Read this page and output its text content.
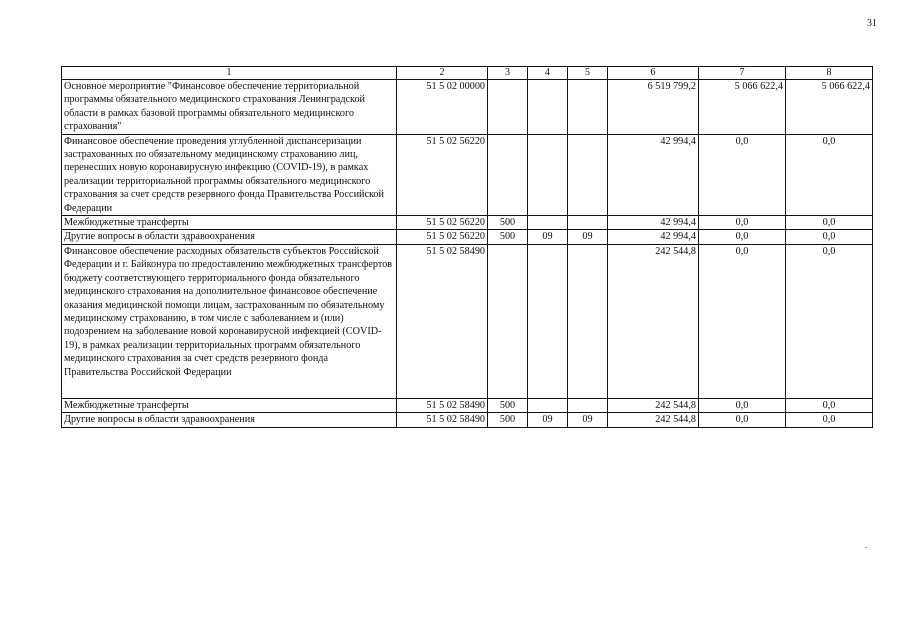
31
1	2	3	4	5	6	7	8
Основное мероприятие "Финансовое обеспечение территориальной программы обязательного медицинского страхования Ленинградской области в рамках базовой программы обязательного медицинского страхования"	51 5 02 00000				6 519 799,2	5 066 622,4	5 066 622,4
Финансовое обеспечение проведения углубленной диспансеризации застрахованных по обязательному медицинскому страхованию лиц, перенесших новую коронавирусную инфекцию (COVID-19), в рамках реализации территориальной программы обязательного медицинского страхования за счет средств резервного фонда Правительства Российской Федерации	51 5 02 56220				42 994,4	0,0	0,0
Межбюджетные трансферты	51 5 02 56220	500			42 994,4	0,0	0,0
Другие вопросы в области здравоохранения	51 5 02 56220	500	09	09	42 994,4	0,0	0,0
Финансовое обеспечение расходных обязательств субъектов Российской Федерации и г. Байконура по предоставлению межбюджетных трансфертов бюджету соответствующего территориального фонда обязательного медицинского страхования на дополнительное финансовое обеспечение оказания медицинской помощи лицам, застрахованным по обязательному медицинскому страхованию, в том числе с заболеванием и (или) подозрением на заболевание новой коронавирусной инфекцией (COVID-19), в рамках реализации территориальных программ обязательного медицинского страхования за счет средств резервного фонда Правительства Российской Федерации	51 5 02 58490				242 544,8	0,0	0,0
Межбюджетные трансферты	51 5 02 58490	500			242 544,8	0,0	0,0
Другие вопросы в области здравоохранения	51 5 02 58490	500	09	09	242 544,8	0,0	0,0
